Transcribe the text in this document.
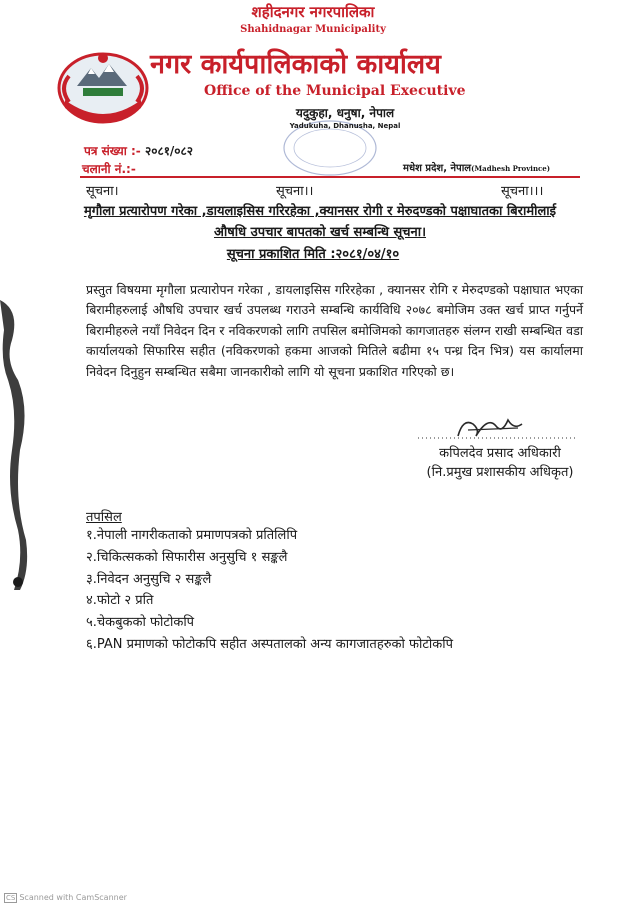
शहीदनगर नगरपालिका
Shahidnagar Municipality
नगर कार्यपालिकाको कार्यालय
Office of the Municipal Executive
यदुकुहा, धनुषा, नेपाल
Yadukuha, Dhanusha, Nepal
पत्र संख्या :- २०८१/०८२
चलानी नं.:-	मधेश प्रदेश, नेपाल(Madhesh Province)
सूचना।	सूचना।।	सूचना।।।
मृगौला प्रत्यारोपण गरेका ,डायलाइसिस गरिरहेका ,क्यानसर रोगी र मेरुदण्डको पक्षाघातका बिरामीलाई औषधि उपचार बापतको खर्च सम्बन्धि सूचना।
सूचना प्रकाशित मिति :२०८१/०४/१०
प्रस्तुत विषयमा मृगौला प्रत्यारोपन गरेका , डायलाइसिस गरिरहेका , क्यानसर रोगि र मेरुदण्डको पक्षाघात भएका बिरामीहरुलाई औषधि उपचार खर्च उपलब्ध गराउने सम्बन्धि कार्यविधि २०७८ बमोजिम उक्त खर्च प्राप्त गर्नुपर्ने बिरामीहरुले नयाँ निवेदन दिन र नविकरणको लागि तपसिल बमोजिमको कागजातहरु संलग्न राखी सम्बन्धित वडा कार्यालयको सिफारिस सहीत (नविकरणको हकमा आजको मितिले बढीमा १५ पन्ध्र दिन भित्र) यस कार्यालमा निवेदन दिनुहुन सम्बन्धित सबैमा जानकारीको लागि यो सूचना प्रकाशित गरिएको छ।
कपिलदेव प्रसाद अधिकारी
(नि.प्रमुख प्रशासकीय अधिकृत)
तपसिल
१.नेपाली नागरीकताको प्रमाणपत्रको प्रतिलिपि
२.चिकित्सकको सिफारीस अनुसुचि १ सङ्कलै
३.निवेदन अनुसुचि २ सङ्कलै
४.फोटो २ प्रति
५.चेकबुकको फोटोकपि
६.PAN प्रमाणको फोटोकपि सहीत अस्पतालको अन्य कागजातहरुको फोटोकपि
CS Scanned with CamScanner
